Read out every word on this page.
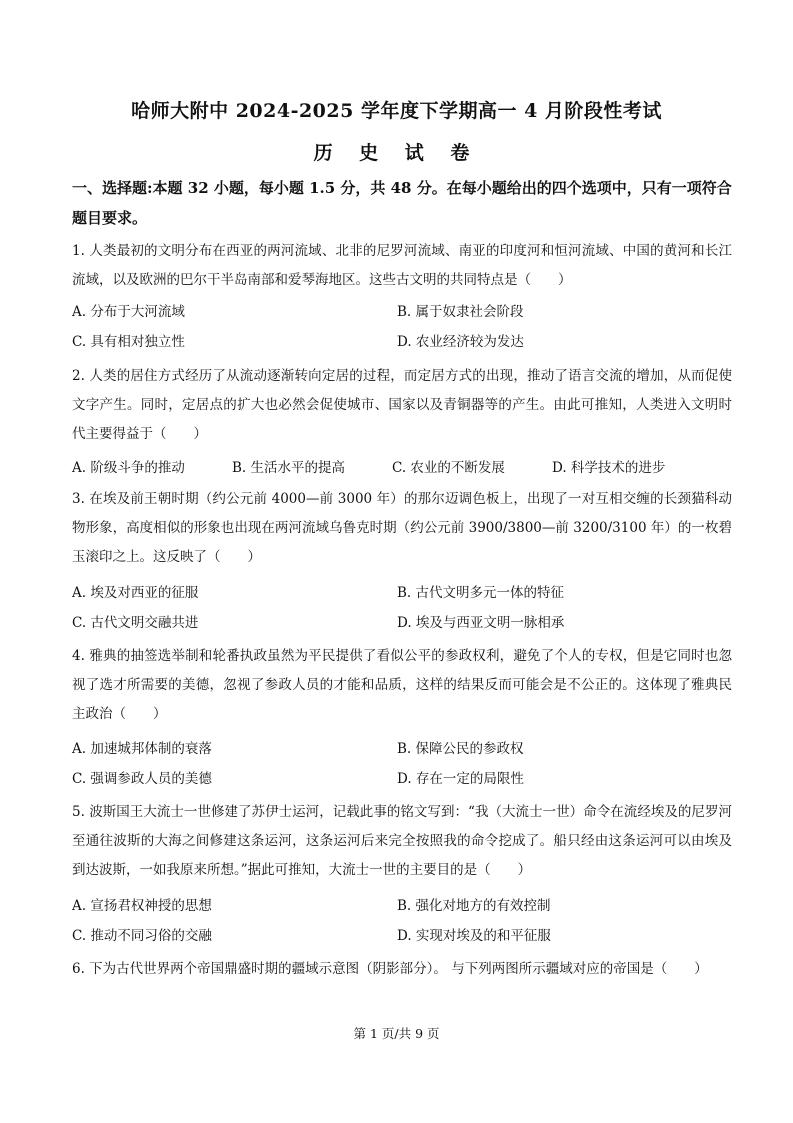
哈师大附中 2024-2025 学年度下学期高一 4 月阶段性考试
历 史 试 卷
一、选择题:本题 32 小题，每小题 1.5 分，共 48 分。在每小题给出的四个选项中，只有一项符合题目要求。
1. 人类最初的文明分布在西亚的两河流域、北非的尼罗河流域、南亚的印度河和恒河流域、中国的黄河和长江流域，以及欧洲的巴尔干半岛南部和爱琴海地区。这些古文明的共同特点是（　　）
A. 分布于大河流域	B. 属于奴隶社会阶段
C. 具有相对独立性	D. 农业经济较为发达
2. 人类的居住方式经历了从流动逐渐转向定居的过程，而定居方式的出现，推动了语言交流的增加，从而促使文字产生。同时，定居点的扩大也必然会促使城市、国家以及青铜器等的产生。由此可推知，人类进入文明时代主要得益于（　　）
A. 阶级斗争的推动	B. 生活水平的提高	C. 农业的不断发展	D. 科学技术的进步
3. 在埃及前王朝时期（约公元前 4000—前 3000 年）的那尔迈调色板上，出现了一对互相交缠的长颈猫科动物形象，高度相似的形象也出现在两河流域乌鲁克时期（约公元前 3900/3800—前 3200/3100 年）的一枚碧玉滚印之上。这反映了（　　）
A. 埃及对西亚的征服	B. 古代文明多元一体的特征
C. 古代文明交融共进	D. 埃及与西亚文明一脉相承
4. 雅典的抽签选举制和轮番执政虽然为平民提供了看似公平的参政权利，避免了个人的专权，但是它同时也忽视了选才所需要的美德，忽视了参政人员的才能和品质，这样的结果反而可能会是不公正的。这体现了雅典民主政治（　　）
A. 加速城邦体制的衰落	B. 保障公民的参政权
C. 强调参政人员的美德	D. 存在一定的局限性
5. 波斯国王大流士一世修建了苏伊士运河，记载此事的铭文写到：“我（大流士一世）命令在流经埃及的尼罗河至通往波斯的大海之间修建这条运河，这条运河后来完全按照我的命令挖成了。船只经由这条运河可以由埃及到达波斯，一如我原来所想。”据此可推知，大流士一世的主要目的是（　　）
A. 宣扬君权神授的思想	B. 强化对地方的有效控制
C. 推动不同习俗的交融	D. 实现对埃及的和平征服
6. 下为古代世界两个帝国鼎盛时期的疆域示意图（阴影部分）。 与下列两图所示疆域对应的帝国是（　　）
第 1 页/共 9 页
